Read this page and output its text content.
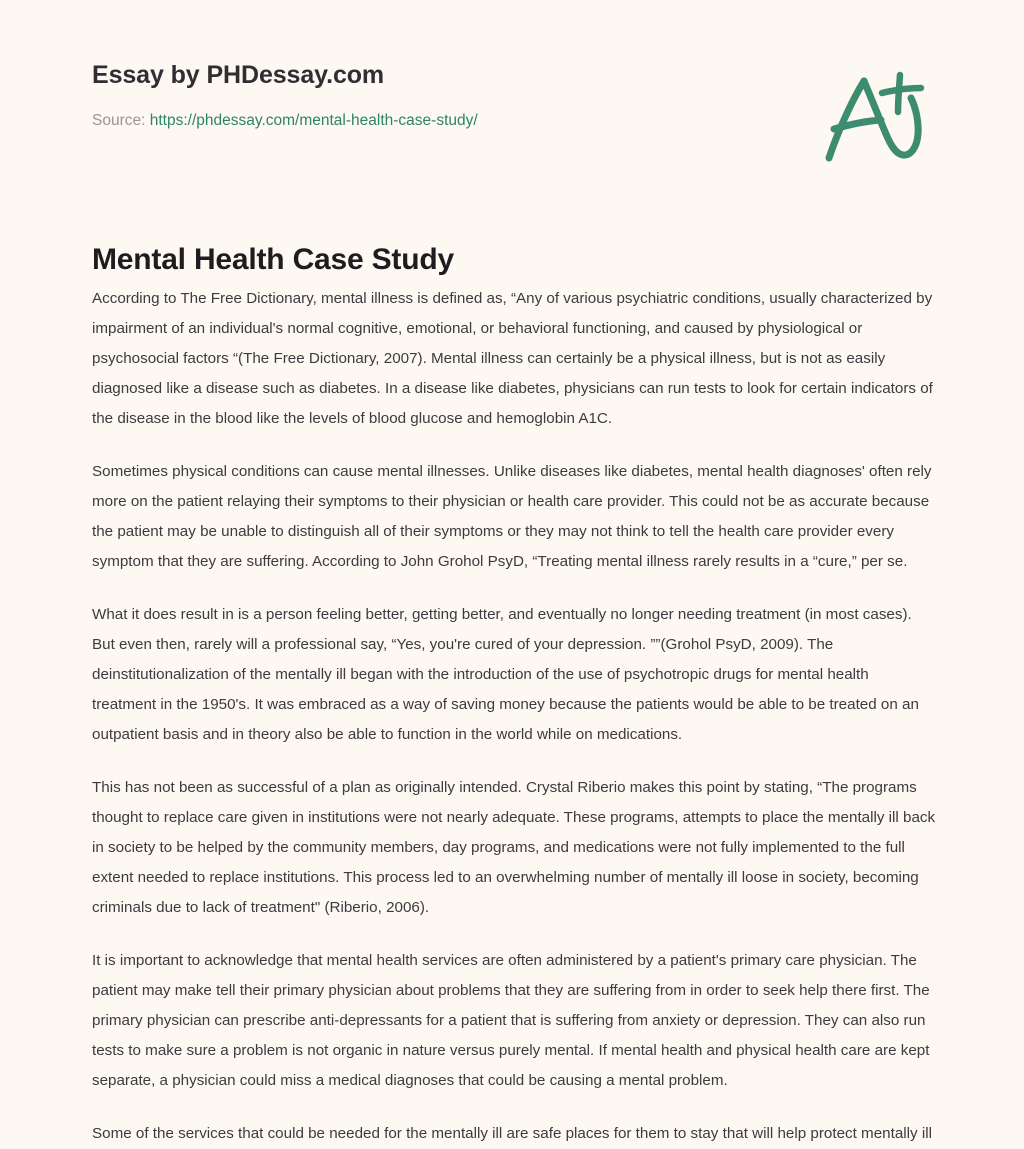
Essay by PHDessay.com
Source: https://phdessay.com/mental-health-case-study/
Mental Health Case Study

According to The Free Dictionary, mental illness is defined as, “Any of various psychiatric conditions, usually characterized by impairment of an individual's normal cognitive, emotional, or behavioral functioning, and caused by physiological or psychosocial factors “(The Free Dictionary, 2007). Mental illness can certainly be a physical illness, but is not as easily diagnosed like a disease such as diabetes. In a disease like diabetes, physicians can run tests to look for certain indicators of the disease in the blood like the levels of blood glucose and hemoglobin A1C.

Sometimes physical conditions can cause mental illnesses. Unlike diseases like diabetes, mental health diagnoses' often rely more on the patient relaying their symptoms to their physician or health care provider. This could not be as accurate because the patient may be unable to distinguish all of their symptoms or they may not think to tell the health care provider every symptom that they are suffering. According to John Grohol PsyD, “Treating mental illness rarely results in a “cure,” per se.

What it does result in is a person feeling better, getting better, and eventually no longer needing treatment (in most cases). But even then, rarely will a professional say, “Yes, you're cured of your depression. ””(Grohol PsyD, 2009). The deinstitutionalization of the mentally ill began with the introduction of the use of psychotropic drugs for mental health treatment in the 1950's. It was embraced as a way of saving money because the patients would be able to be treated on an outpatient basis and in theory also be able to function in the world while on medications.

This has not been as successful of a plan as originally intended. Crystal Riberio makes this point by stating, “The programs thought to replace care given in institutions were not nearly adequate. These programs, attempts to place the mentally ill back in society to be helped by the community members, day programs, and medications were not fully implemented to the full extent needed to replace institutions. This process led to an overwhelming number of mentally ill loose in society, becoming criminals due to lack of treatment" (Riberio, 2006).

It is important to acknowledge that mental health services are often administered by a patient's primary care physician. The patient may make tell their primary physician about problems that they are suffering from in order to seek help there first. The primary physician can prescribe anti-depressants for a patient that is suffering from anxiety or depression. They can also run tests to make sure a problem is not organic in nature versus purely mental. If mental health and physical health care are kept separate, a physician could miss a medical diagnoses that could be causing a mental problem.

Some of the services that could be needed for the mentally ill are safe places for them to stay that will help protect mentally ill
